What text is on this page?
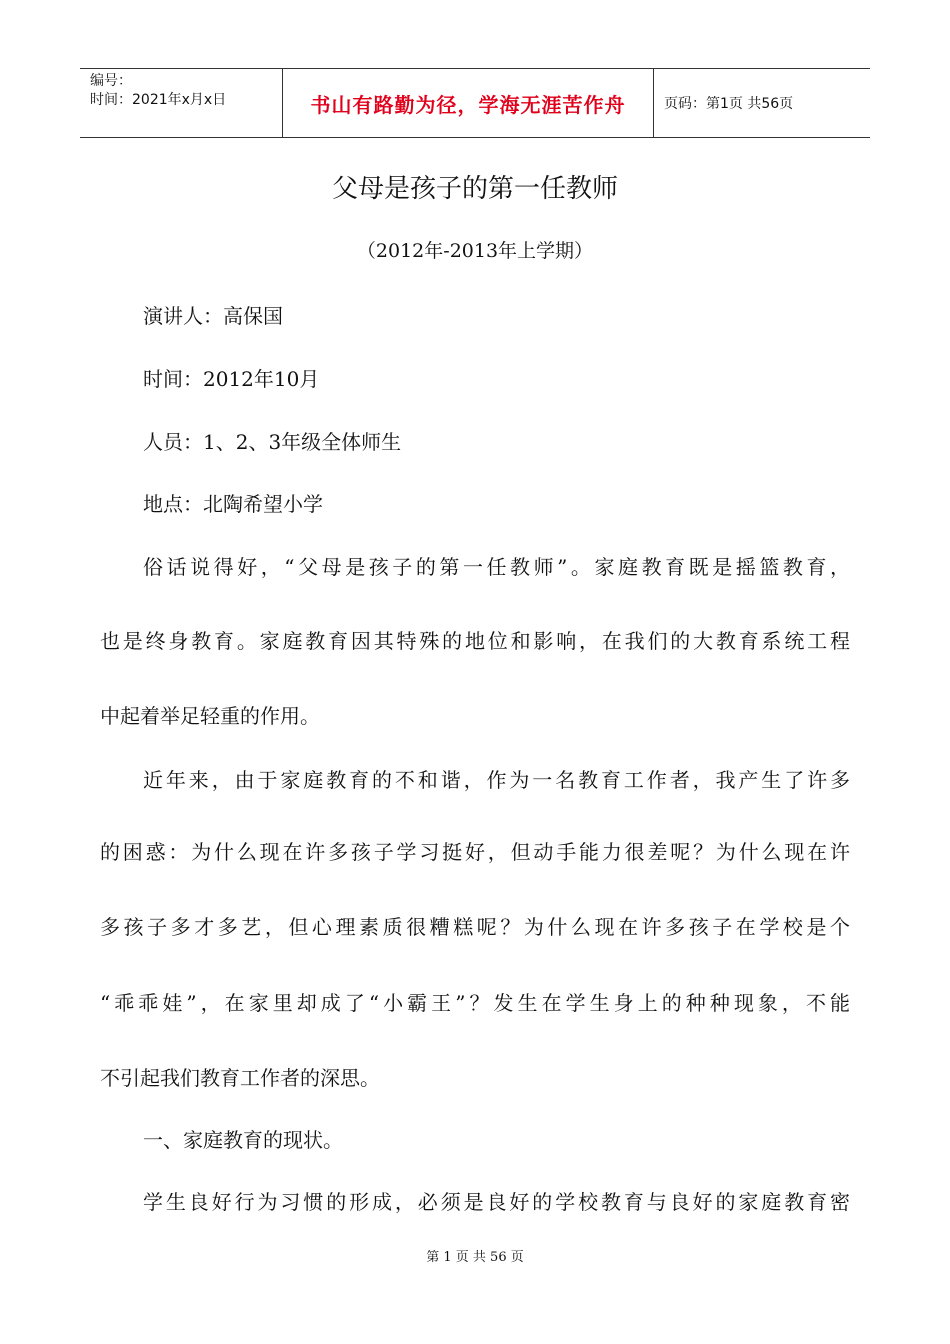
编号：
时间：2021年x月x日	书山有路勤为径，学海无涯苦作舟	页码：第1页 共56页
父母是孩子的第一任教师
（2012年-2013年上学期）
演讲人：高保国
时间：2012年10月
人员：1、2、3年级全体师生
地点：北陶希望小学
俗话说得好，“父母是孩子的第一任教师”。家庭教育既是摇篮教育，
也是终身教育。家庭教育因其特殊的地位和影响，在我们的大教育系统工程
中起着举足轻重的作用。
近年来，由于家庭教育的不和谐，作为一名教育工作者，我产生了许多
的困惑：为什么现在许多孩子学习挺好，但动手能力很差呢？为什么现在许
多孩子多才多艺，但心理素质很糟糕呢？为什么现在许多孩子在学校是个
“乖乖娃”，在家里却成了“小霸王”？发生在学生身上的种种现象，不能
不引起我们教育工作者的深思。
一、家庭教育的现状。
学生良好行为习惯的形成，必须是良好的学校教育与良好的家庭教育密
第 1 页 共 56 页
